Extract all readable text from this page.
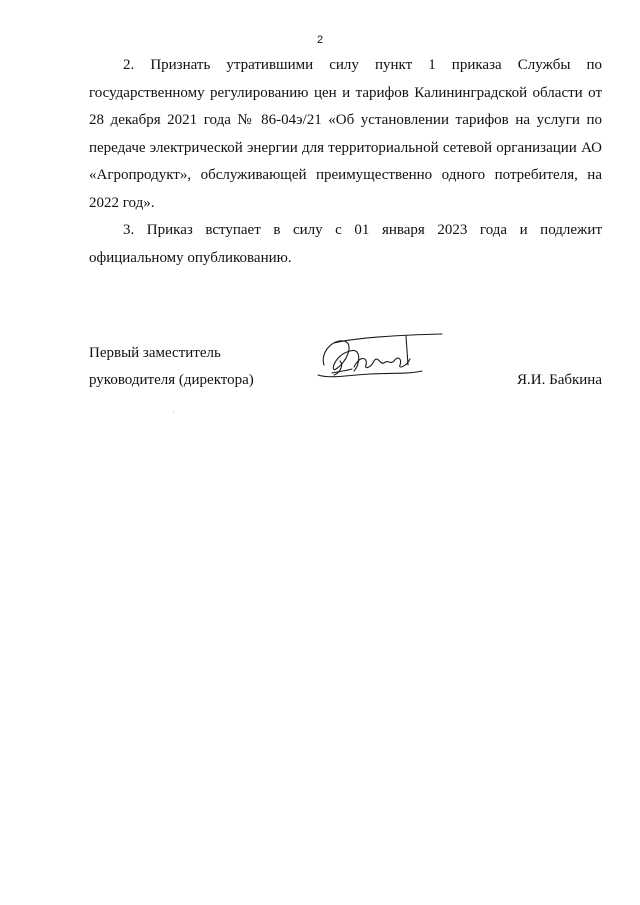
2

2. Признать утратившими силу пункт 1 приказа Службы по государственному регулированию цен и тарифов Калининградской области от 28 декабря 2021 года № 86-04э/21 «Об установлении тарифов на услуги по передаче электрической энергии для территориальной сетевой организации АО «Агропродукт», обслуживающей преимущественно одного потребителя, на 2022 год».

3. Приказ вступает в силу с 01 января 2023 года и подлежит официальному опубликованию.

Первый заместитель
руководителя (директора)	Я.И. Бабкина
